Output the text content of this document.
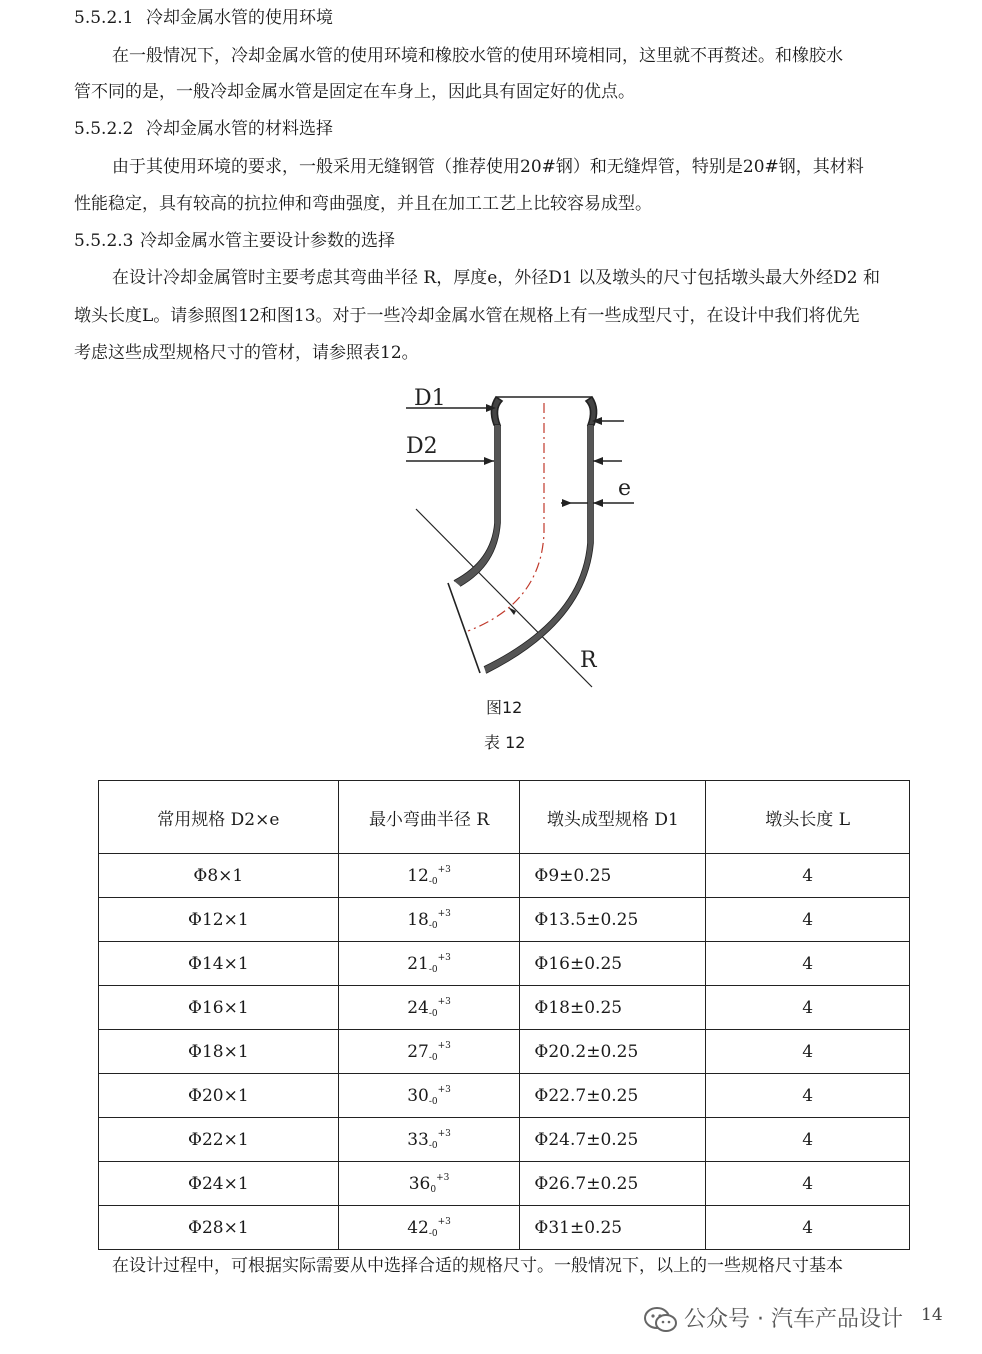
5.5.2.1 冷却金属水管的使用环境
在一般情况下，冷却金属水管的使用环境和橡胶水管的使用环境相同，这里就不再赘述。和橡胶水
管不同的是，一般冷却金属水管是固定在车身上，因此具有固定好的优点。
5.5.2.2 冷却金属水管的材料选择
由于其使用环境的要求，一般采用无缝钢管（推荐使用20#钢）和无缝焊管，特别是20#钢，其材料
性能稳定，具有较高的抗拉伸和弯曲强度，并且在加工工艺上比较容易成型。
5.5.2.3 冷却金属水管主要设计参数的选择
在设计冷却金属管时主要考虑其弯曲半径 R，厚度e，外径D1 以及墩头的尺寸包括墩头最大外经D2 和
墩头长度L。请参照图12和图13。对于一些冷却金属水管在规格上有一些成型尺寸，在设计中我们将优先
考虑这些成型规格尺寸的管材，请参照表12。
D1
D2
e
R
图12
表 12
常用规格 D2×e	最小弯曲半径 R	墩头成型规格 D1	墩头长度 L
Φ8×1	$12-0^{+3}$	Φ9±0.25	4
Φ12×1	$18-0^{+3}$	Φ13.5±0.25	4
Φ14×1	$21-0^{+3}$	Φ16±0.25	4
Φ16×1	$24-0^{+3}$	Φ18±0.25	4
Φ18×1	$27-0^{+3}$	Φ20.2±0.25	4
Φ20×1	$30-0^{+3}$	Φ22.7±0.25	4
Φ22×1	$33-0^{+3}$	Φ24.7±0.25	4
Φ24×1	$360^{+3}$	Φ26.7±0.25	4
Φ28×1	$42-0^{+3}$	Φ31±0.25	4
在设计过程中，可根据实际需要从中选择合适的规格尺寸。一般情况下，以上的一些规格尺寸基本
公众号 · 汽车产品设计 14
